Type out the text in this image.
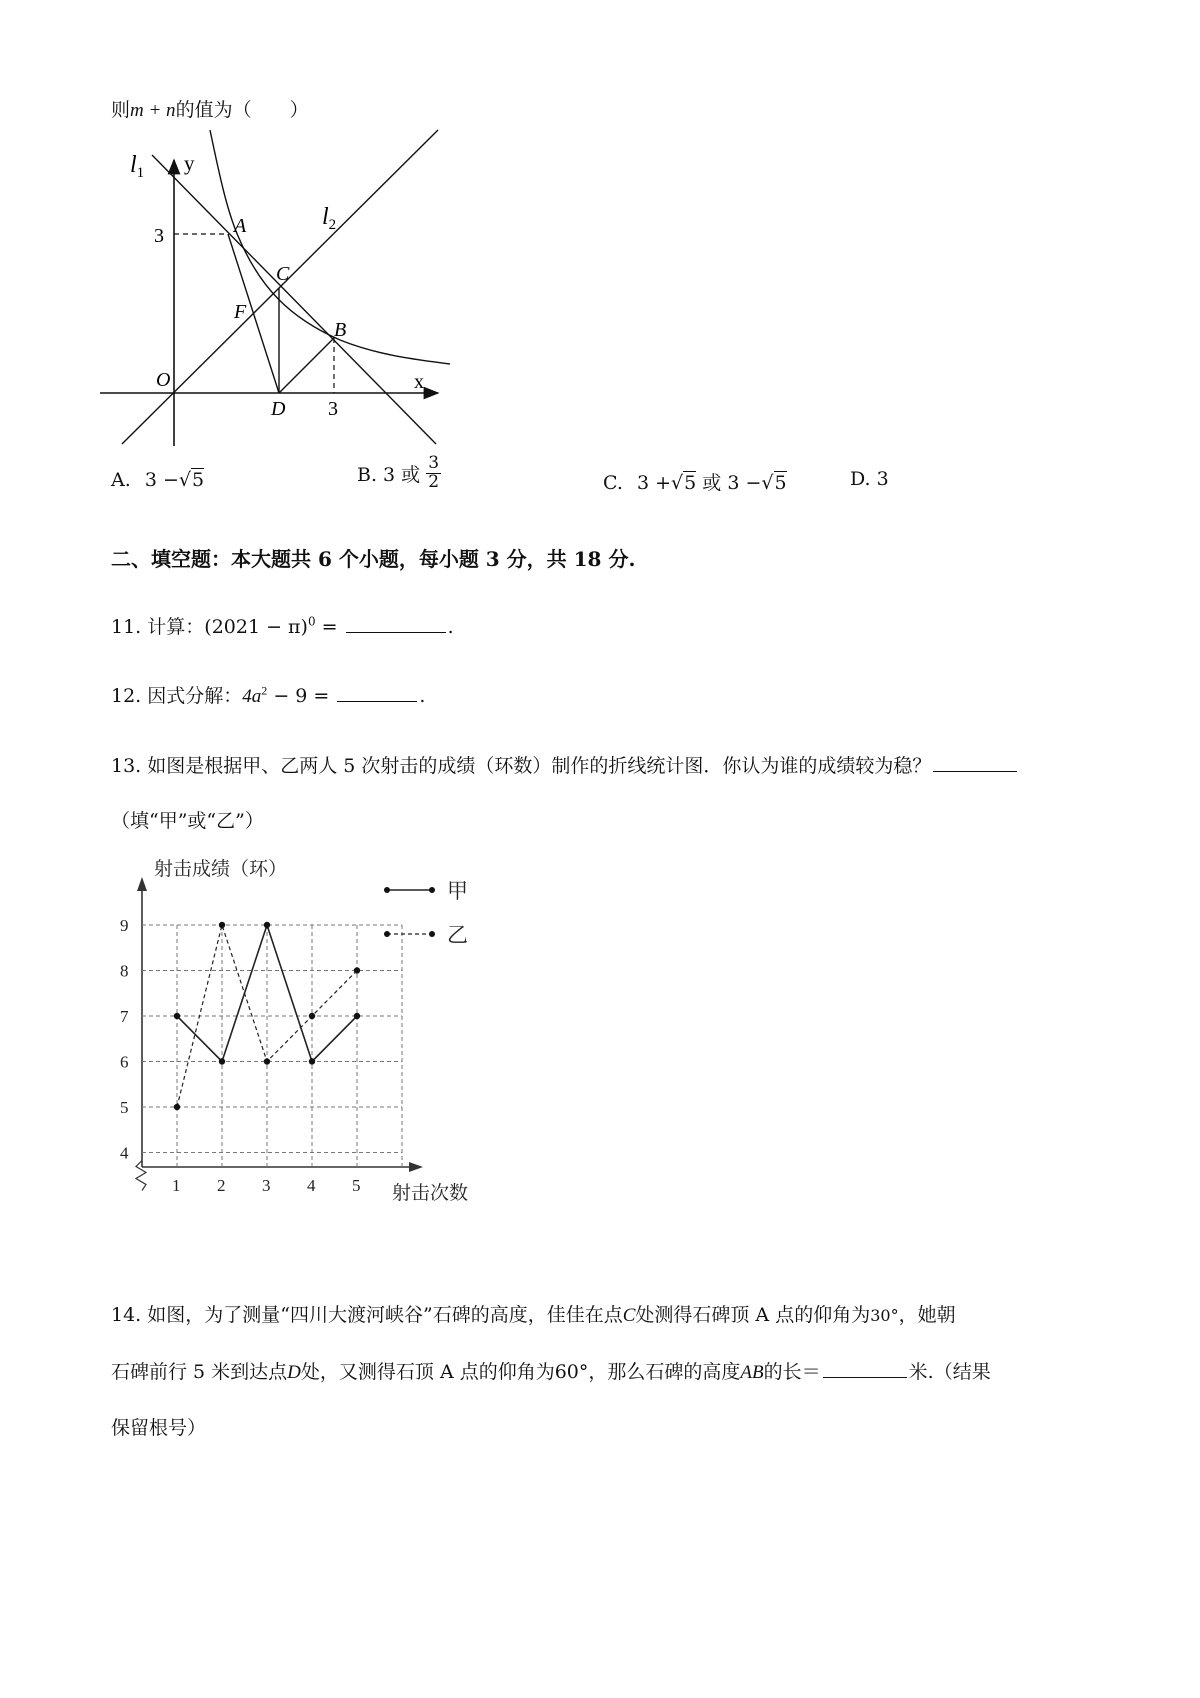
则m + n的值为（　　）
$l_1$ y
$l_2$
A
3
C
F
B
O	x
D 3
A. 3 −√5	B. 3 或 $\frac{3}{2}$	C. 3 +√5 或 3 −√5	D. 3
二、填空题：本大题共 6 个小题，每小题 3 分，共 18 分.
11. 计算：$(2021 - \pi)^0$ =	.
12. 因式分解：$4a^2 - 9$ =	.
13. 如图是根据甲、乙两人 5 次射击的成绩（环数）制作的折线统计图．你认为谁的成绩较为稳？
（填“甲”或“乙”）
4
5
6
7
8
9
1 2 3 4 5
射击成绩（环）
射击次数
甲
乙
14. 如图，为了测量“四川大渡河峡谷”石碑的高度，佳佳在点C处测得石碑顶 A 点的仰角为30°，她朝
石碑前行 5 米到达点D处，又测得石顶 A 点的仰角为60°，那么石碑的高度AB的长＝	米.（结果
保留根号）
